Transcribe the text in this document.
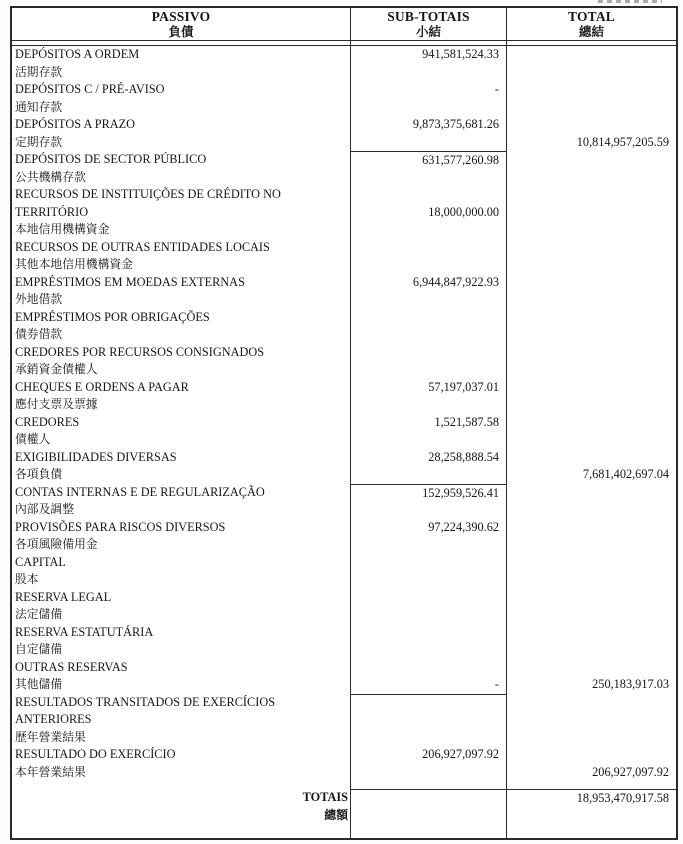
PASSIVO
負債
SUB-TOTAIS
小結
TOTAL
總結
DEPÓSITOS A ORDEM
活期存款
941,581,524.33
DEPÓSITOS C / PRÉ-AVISO
通知存款
-
DEPÓSITOS A PRAZO
定期存款
9,873,375,681.26
10,814,957,205.59
DEPÓSITOS DE SECTOR PÚBLICO
公共機構存款
631,577,260.98
RECURSOS DE INSTITUIÇÕES DE CRÉDITO NO
TERRITÓRIO
本地信用機構資金
18,000,000.00
RECURSOS DE OUTRAS ENTIDADES LOCAIS
其他本地信用機構資金
EMPRÉSTIMOS EM MOEDAS EXTERNAS
外地借款
6,944,847,922.93
EMPRÉSTIMOS POR OBRIGAÇÕES
債券借款
CREDORES POR RECURSOS CONSIGNADOS
承銷資金債權人
CHEQUES E ORDENS A PAGAR
應付支票及票據
57,197,037.01
CREDORES
債權人
1,521,587.58
EXIGIBILIDADES DIVERSAS
各項負債
28,258,888.54
7,681,402,697.04
CONTAS INTERNAS E DE REGULARIZAÇÃO
內部及調整
152,959,526.41
PROVISÕES PARA RISCOS DIVERSOS
各項風險備用金
97,224,390.62
CAPITAL
股本
RESERVA LEGAL
法定儲備
RESERVA ESTATUTÁRIA
自定儲備
OUTRAS RESERVAS
其他儲備	-	250,183,917.03
RESULTADOS TRANSITADOS DE EXERCÍCIOS
ANTERIORES
歷年營業結果
RESULTADO DO EXERCÍCIO
本年營業結果
206,927,097.92
206,927,097.92
TOTAIS
總額
18,953,470,917.58
